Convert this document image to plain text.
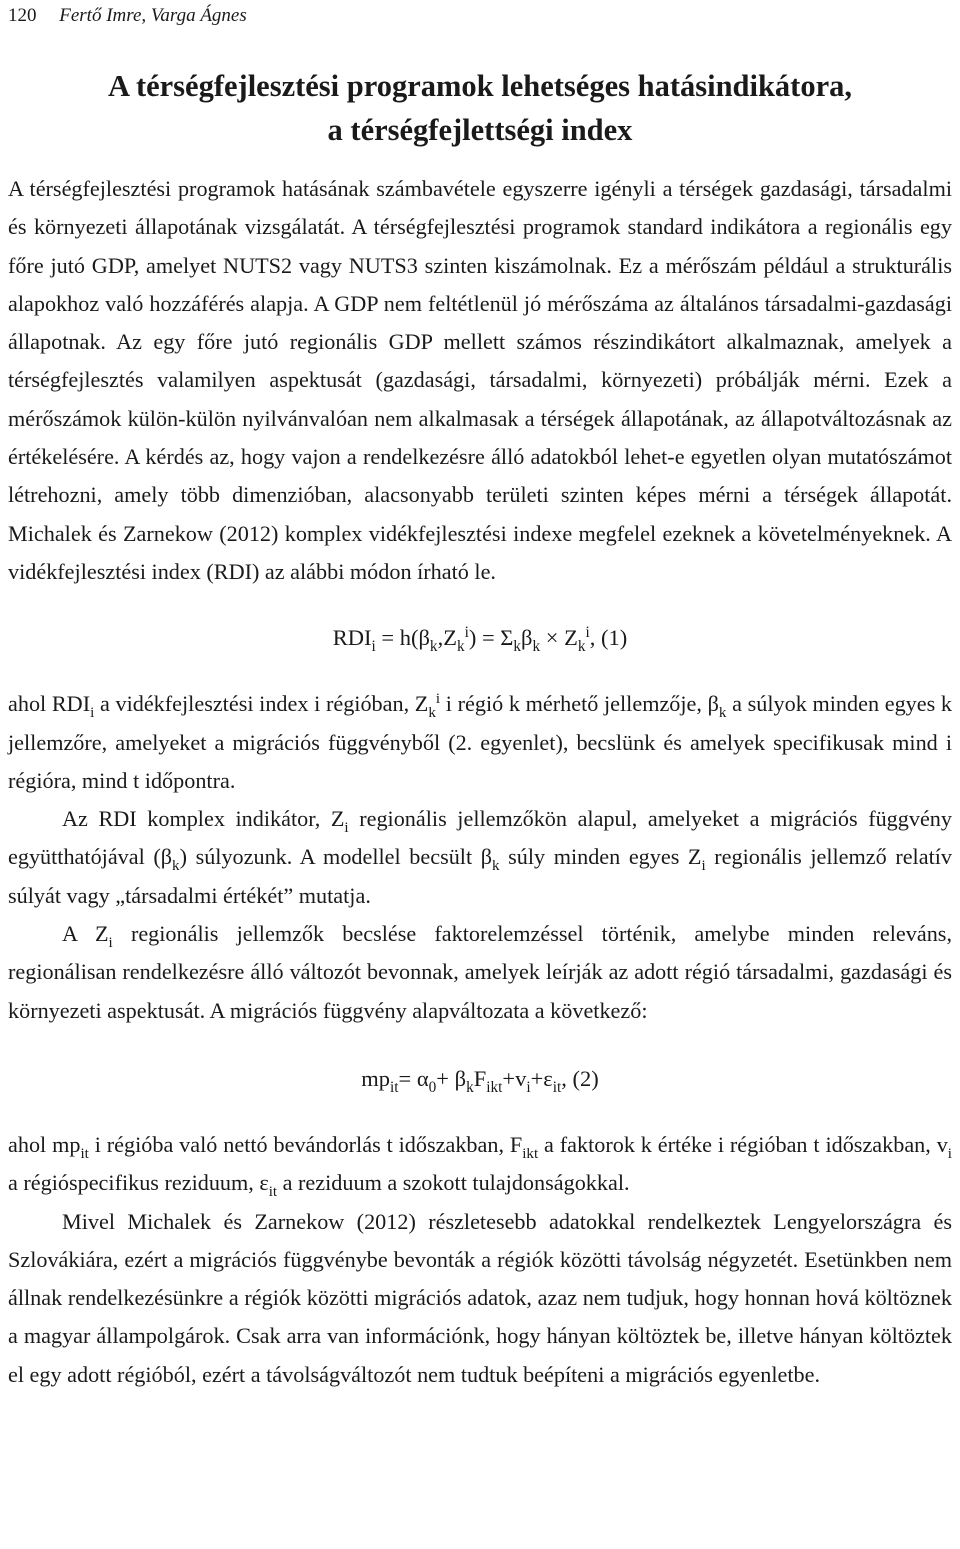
120 Fertő Imre, Varga Ágnes
A térségfejlesztési programok lehetséges hatásindikátora,
a térségfejlettségi index

A térségfejlesztési programok hatásának számbavétele egyszerre igényli a térségek gazdasági, társadalmi és környezeti állapotának vizsgálatát. A térségfejlesztési programok standard indikátora a regionális egy főre jutó GDP, amelyet NUTS2 vagy NUTS3 szinten kiszámolnak. Ez a mérőszám például a strukturális alapokhoz való hozzáférés alapja. A GDP nem feltétlenül jó mérőszáma az általános társadalmi-gazdasági állapotnak. Az egy főre jutó regionális GDP mellett számos részindikátort alkalmaznak, amelyek a térségfejlesztés valamilyen aspektusát (gazdasági, társadalmi, környezeti) próbálják mérni. Ezek a mérőszámok külön-külön nyilvánvalóan nem alkalmasak a térségek állapotának, az állapotváltozásnak az értékelésére. A kérdés az, hogy vajon a rendelkezésre álló adatokból lehet-e egyetlen olyan mutatószámot létrehozni, amely több dimenzióban, alacsonyabb területi szinten képes mérni a térségek állapotát. Michalek és Zarnekow (2012) komplex vidékfejlesztési indexe megfelel ezeknek a követelményeknek. A vidékfejlesztési index (RDI) az alábbi módon írható le.

$RDI_i = h(\beta_k,Z_k^i) = \Sigma_k\beta_k \times Z_k^i$, (1)

ahol $RDI_i$ a vidékfejlesztési index i régióban, $Z_k^i$ i régió k mérhető jellemzője, $\beta_k$ a súlyok minden egyes k jellemzőre, amelyeket a migrációs függvényből (2. egyenlet), becslünk és amelyek specifikusak mind i régióra, mind t időpontra.

Az RDI komplex indikátor, $Z_i$ regionális jellemzőkön alapul, amelyeket a migrációs függvény együtthatójával $(\beta_k)$ súlyozunk. A modellel becsült $\beta_k$ súly minden egyes $Z_i$ regionális jellemző relatív súlyát vagy „társadalmi értékét” mutatja.

A $Z_i$ regionális jellemzők becslése faktorelemzéssel történik, amelybe minden releváns, regionálisan rendelkezésre álló változót bevonnak, amelyek leírják az adott régió társadalmi, gazdasági és környezeti aspektusát. A migrációs függvény alapváltozata a következő:

$mp_{it}= \alpha_0+ \beta_kF_{ikt}+v_i+\varepsilon_{it}$, (2)

ahol $mp_{it}$ i régióba való nettó bevándorlás t időszakban, $F_{ikt}$ a faktorok k értéke i régióban t időszakban, $v_i$ a régióspecifikus reziduum, $\varepsilon_{it}$ a reziduum a szokott tulajdonságokkal.

Mivel Michalek és Zarnekow (2012) részletesebb adatokkal rendelkeztek Lengyelországra és Szlovákiára, ezért a migrációs függvénybe bevonták a régiók közötti távolság négyzetét. Esetünkben nem állnak rendelkezésünkre a régiók közötti migrációs adatok, azaz nem tudjuk, hogy honnan hová költöznek a magyar állampolgárok. Csak arra van információnk, hogy hányan költöztek be, illetve hányan költöztek el egy adott régióból, ezért a távolságváltozót nem tudtuk beépíteni a migrációs egyenletbe.
